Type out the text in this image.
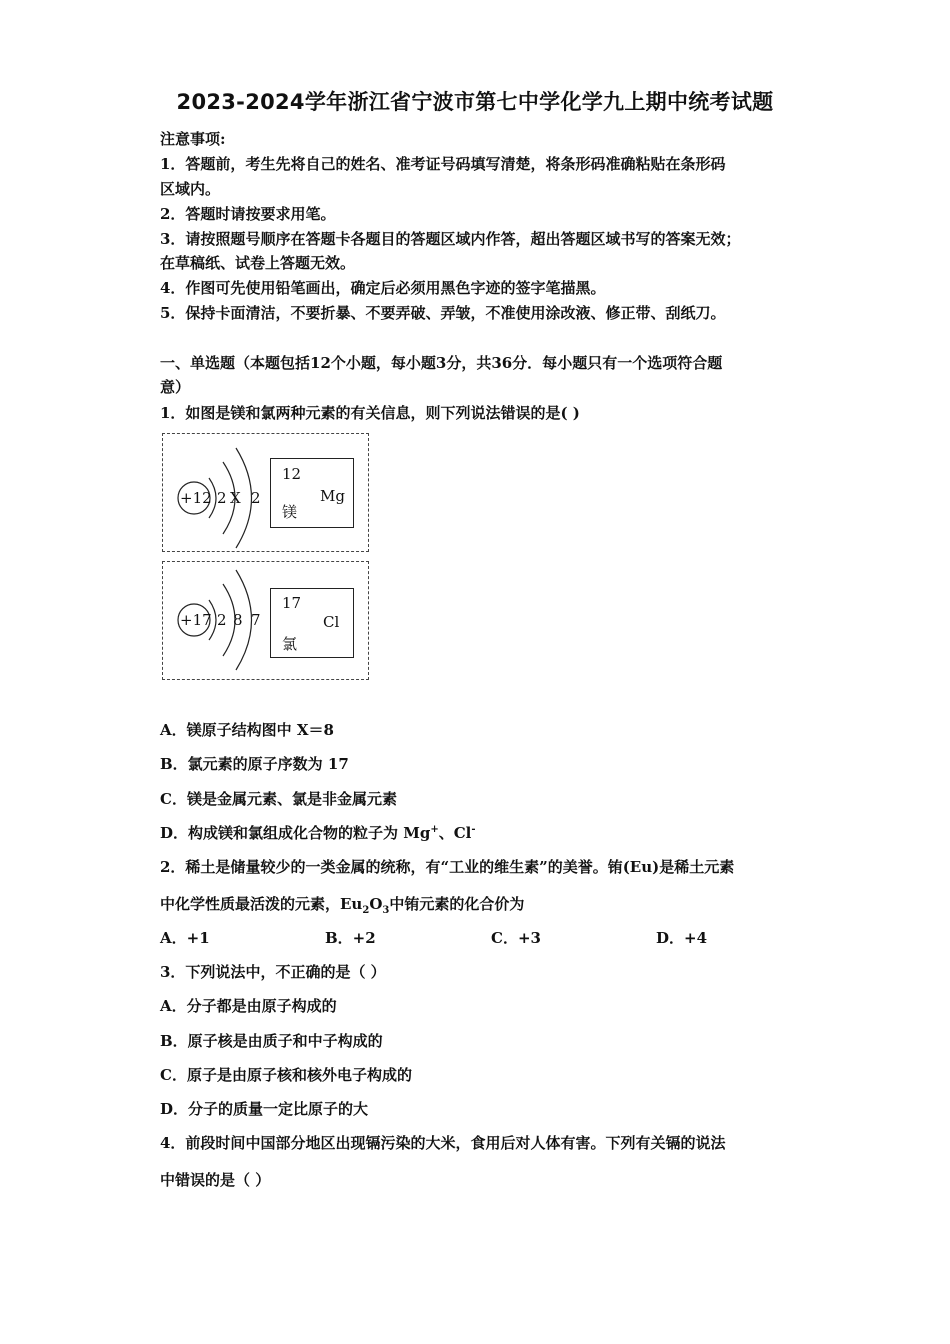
2023-2024学年浙江省宁波市第七中学化学九上期中统考试题
注意事项:
1．答题前，考生先将自己的姓名、准考证号码填写清楚，将条形码准确粘贴在条形码
区域内。
2．答题时请按要求用笔。
3．请按照题号顺序在答题卡各题目的答题区域内作答，超出答题区域书写的答案无效；
在草稿纸、试卷上答题无效。
4．作图可先使用铅笔画出，确定后必须用黑色字迹的签字笔描黑。
5．保持卡面清洁，不要折暴、不要弄破、弄皱，不准使用涂改液、修正带、刮纸刀。
一、单选题（本题包括12个小题，每小题3分，共36分．每小题只有一个选项符合题
意）
1．如图是镁和氯两种元素的有关信息，则下列说法错误的是( )
+12 2 X 2
12
Mg
镁
+17 2 8 7
17
Cl
氯
A．镁原子结构图中 X＝8
B．氯元素的原子序数为 17
C．镁是金属元素、氯是非金属元素
D．构成镁和氯组成化合物的粒子为 Mg+、Cl-
2．稀土是储量较少的一类金属的统称，有“工业的维生素”的美誉。铕(Eu)是稀土元素
中化学性质最活泼的元素，$Eu_2O_3$中铕元素的化合价为
A．+1	B．+2	C．+3	D．+4
3．下列说法中，不正确的是（ ）
A．分子都是由原子构成的
B．原子核是由质子和中子构成的
C．原子是由原子核和核外电子构成的
D．分子的质量一定比原子的大
4．前段时间中国部分地区出现镉污染的大米，食用后对人体有害。下列有关镉的说法
中错误的是（ ）
